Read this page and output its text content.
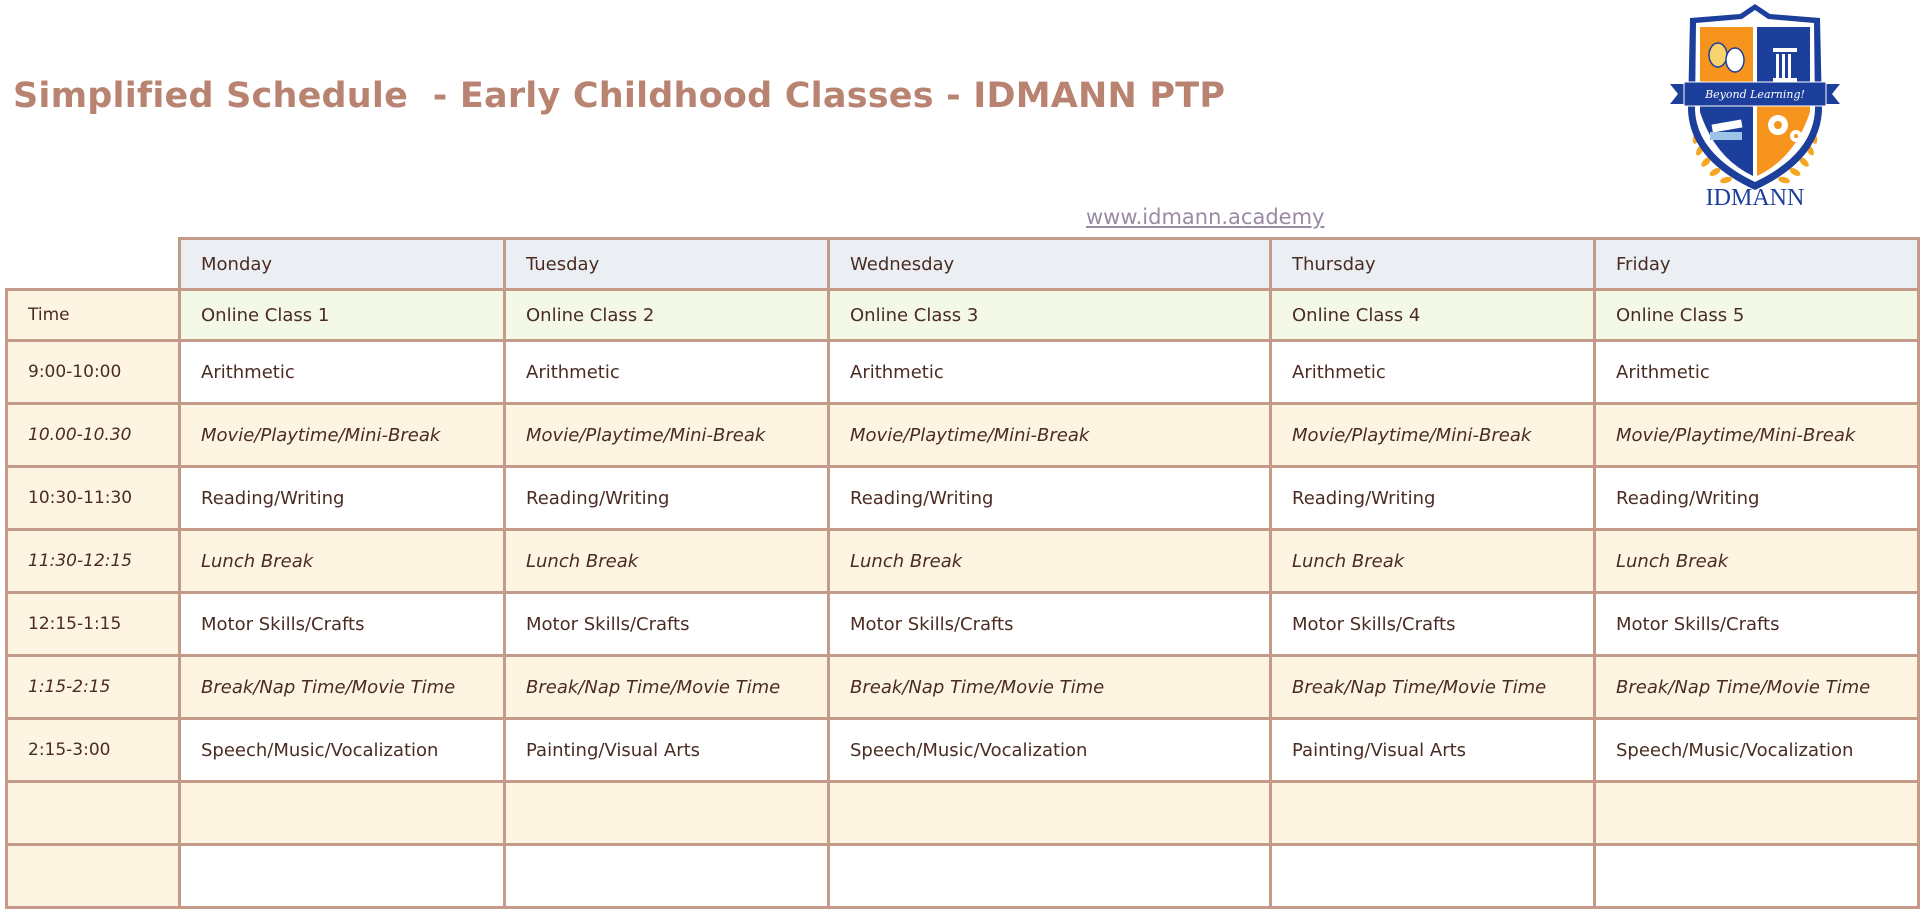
Simplified Schedule  - Early Childhood Classes - IDMANN PTP	Beyond Learning!
IDMANN
www.idmann.academy
	Monday	Tuesday	Wednesday	Thursday	Friday
Time	Online Class 1	Online Class 2	Online Class 3	Online Class 4	Online Class 5
9:00-10:00	Arithmetic	Arithmetic	Arithmetic	Arithmetic	Arithmetic
10.00-10.30	Movie/Playtime/Mini-Break	Movie/Playtime/Mini-Break	Movie/Playtime/Mini-Break	Movie/Playtime/Mini-Break	Movie/Playtime/Mini-Break
10:30-11:30	Reading/Writing	Reading/Writing	Reading/Writing	Reading/Writing	Reading/Writing
11:30-12:15	Lunch Break	Lunch Break	Lunch Break	Lunch Break	Lunch Break
12:15-1:15	Motor Skills/Crafts	Motor Skills/Crafts	Motor Skills/Crafts	Motor Skills/Crafts	Motor Skills/Crafts
1:15-2:15	Break/Nap Time/Movie Time	Break/Nap Time/Movie Time	Break/Nap Time/Movie Time	Break/Nap Time/Movie Time	Break/Nap Time/Movie Time
2:15-3:00	Speech/Music/Vocalization	Painting/Visual Arts	Speech/Music/Vocalization	Painting/Visual Arts	Speech/Music/Vocalization
